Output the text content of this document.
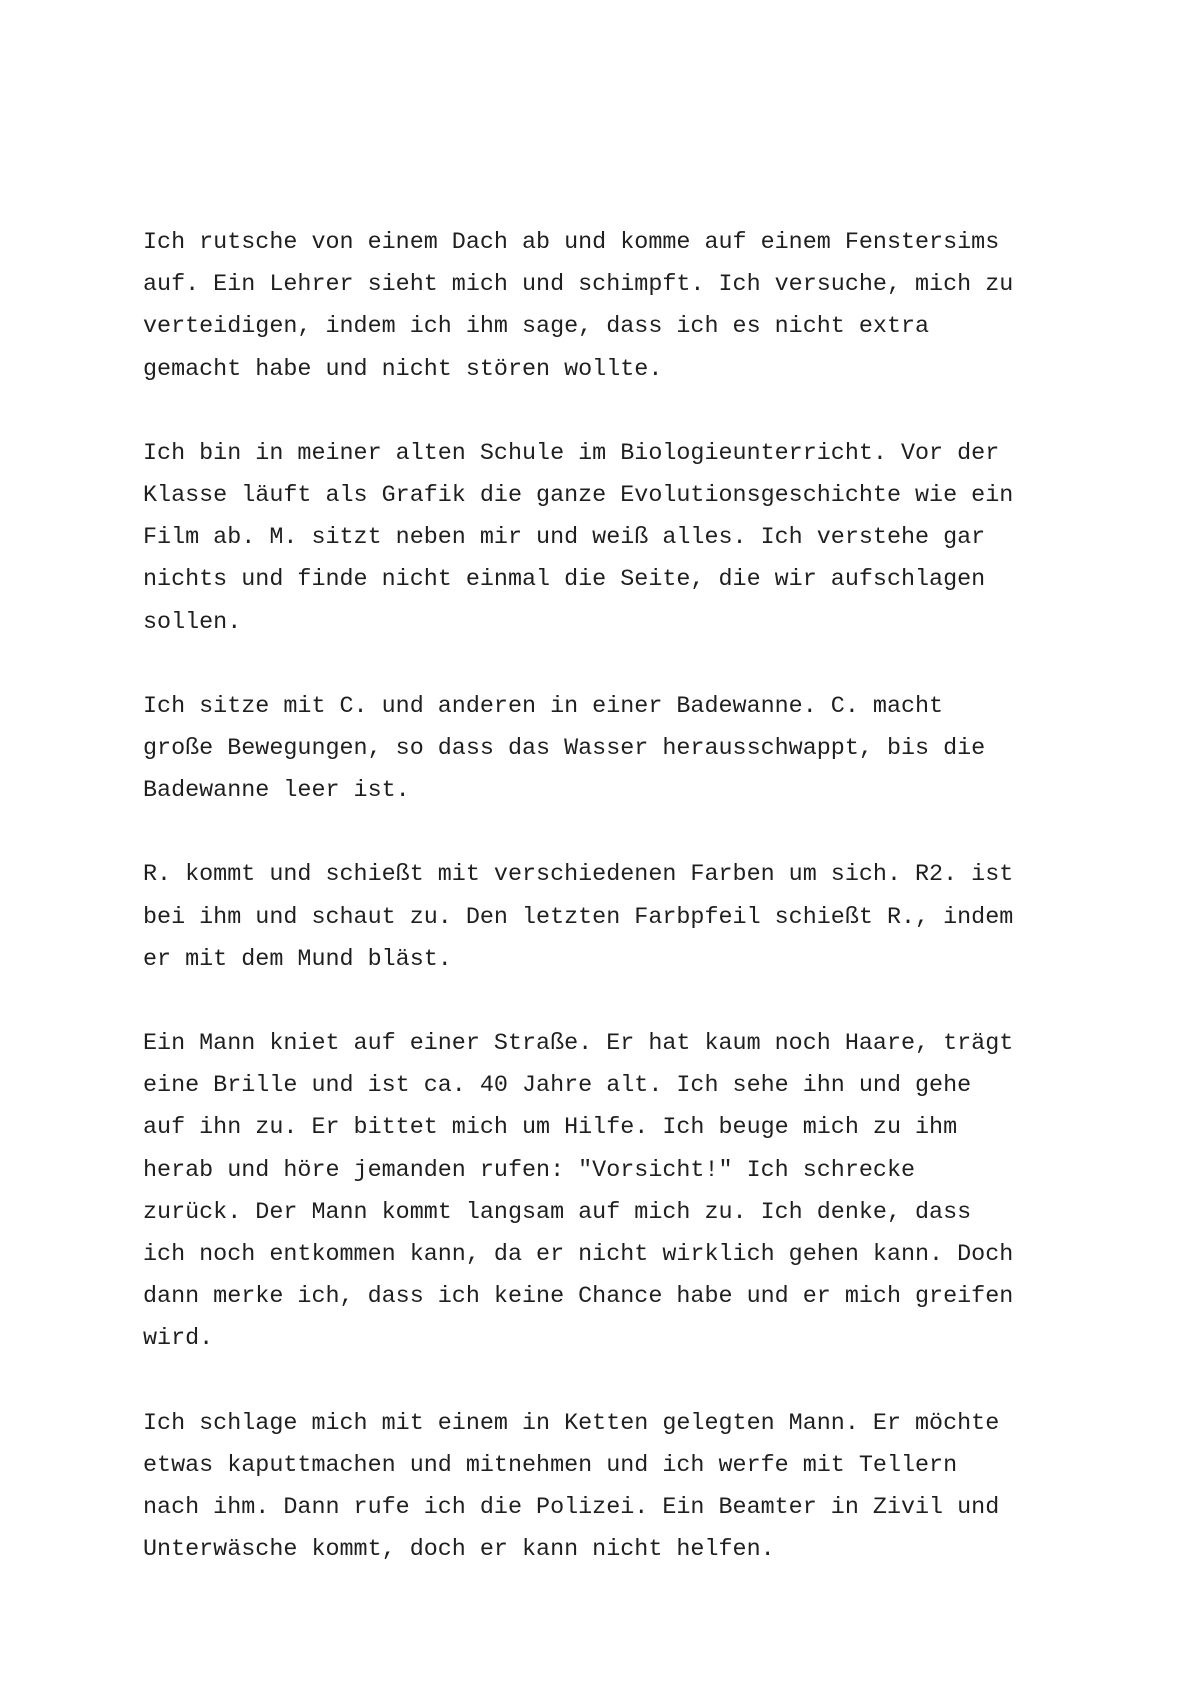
Ich rutsche von einem Dach ab und komme auf einem Fenstersims
auf. Ein Lehrer sieht mich und schimpft. Ich versuche, mich zu
verteidigen, indem ich ihm sage, dass ich es nicht extra
gemacht habe und nicht stören wollte.

Ich bin in meiner alten Schule im Biologieunterricht. Vor der
Klasse läuft als Grafik die ganze Evolutionsgeschichte wie ein
Film ab. M. sitzt neben mir und weiß alles. Ich verstehe gar
nichts und finde nicht einmal die Seite, die wir aufschlagen
sollen.

Ich sitze mit C. und anderen in einer Badewanne. C. macht
große Bewegungen, so dass das Wasser herausschwappt, bis die
Badewanne leer ist.

R. kommt und schießt mit verschiedenen Farben um sich. R2. ist
bei ihm und schaut zu. Den letzten Farbpfeil schießt R., indem
er mit dem Mund bläst.

Ein Mann kniet auf einer Straße. Er hat kaum noch Haare, trägt
eine Brille und ist ca. 40 Jahre alt. Ich sehe ihn und gehe
auf ihn zu. Er bittet mich um Hilfe. Ich beuge mich zu ihm
herab und höre jemanden rufen: "Vorsicht!" Ich schrecke
zurück. Der Mann kommt langsam auf mich zu. Ich denke, dass
ich noch entkommen kann, da er nicht wirklich gehen kann. Doch
dann merke ich, dass ich keine Chance habe und er mich greifen
wird.

Ich schlage mich mit einem in Ketten gelegten Mann. Er möchte
etwas kaputtmachen und mitnehmen und ich werfe mit Tellern
nach ihm. Dann rufe ich die Polizei. Ein Beamter in Zivil und
Unterwäsche kommt, doch er kann nicht helfen.
